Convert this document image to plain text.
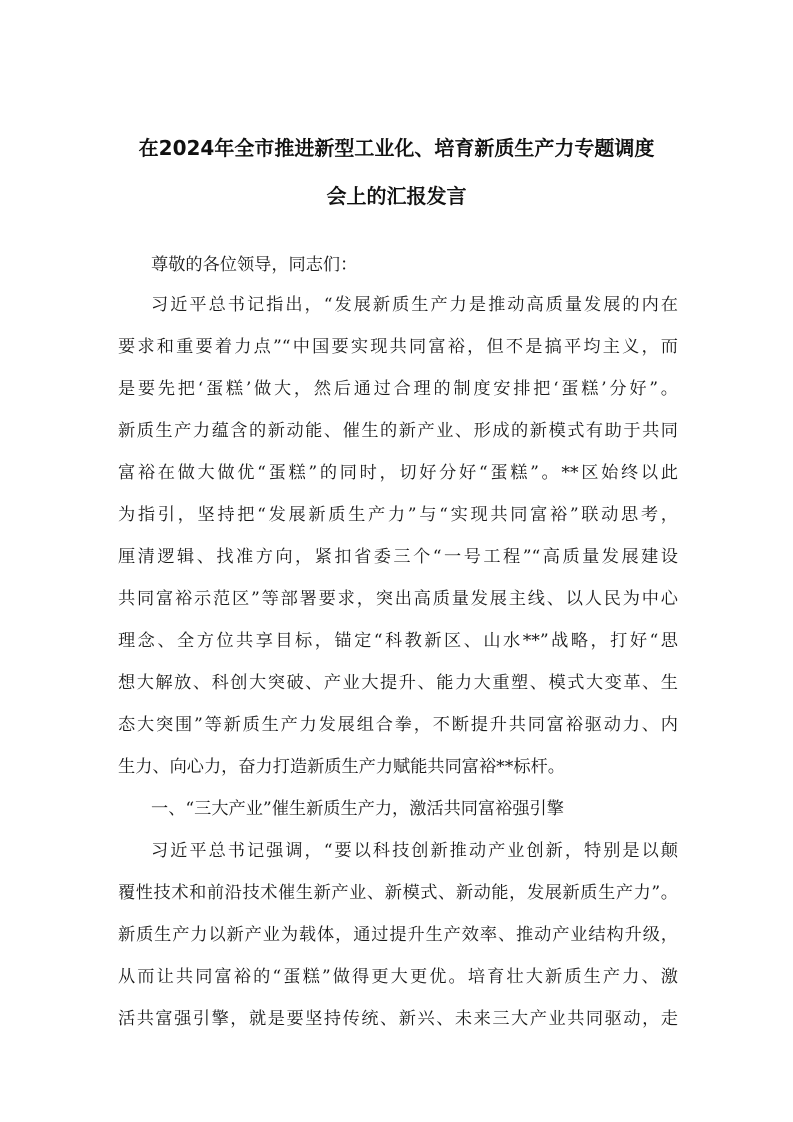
在2024年全市推进新型工业化、培育新质生产力专题调度
会上的汇报发言
尊敬的各位领导，同志们：
习近平总书记指出，“发展新质生产力是推动高质量发展的内在
要求和重要着力点”“中国要实现共同富裕，但不是搞平均主义，而
是要先把‘蛋糕’做大，然后通过合理的制度安排把‘蛋糕’分好”。
新质生产力蕴含的新动能、催生的新产业、形成的新模式有助于共同
富裕在做大做优“蛋糕”的同时，切好分好“蛋糕”。**区始终以此
为指引，坚持把“发展新质生产力”与“实现共同富裕”联动思考，
厘清逻辑、找准方向，紧扣省委三个“一号工程”“高质量发展建设
共同富裕示范区”等部署要求，突出高质量发展主线、以人民为中心
理念、全方位共享目标，锚定“科教新区、山水**”战略，打好“思
想大解放、科创大突破、产业大提升、能力大重塑、模式大变革、生
态大突围”等新质生产力发展组合拳，不断提升共同富裕驱动力、内
生力、向心力，奋力打造新质生产力赋能共同富裕**标杆。
一、“三大产业”催生新质生产力，激活共同富裕强引擎
习近平总书记强调，“要以科技创新推动产业创新，特别是以颠
覆性技术和前沿技术催生新产业、新模式、新动能，发展新质生产力”。
新质生产力以新产业为载体，通过提升生产效率、推动产业结构升级，
从而让共同富裕的“蛋糕”做得更大更优。培育壮大新质生产力、激
活共富强引擎，就是要坚持传统、新兴、未来三大产业共同驱动，走
